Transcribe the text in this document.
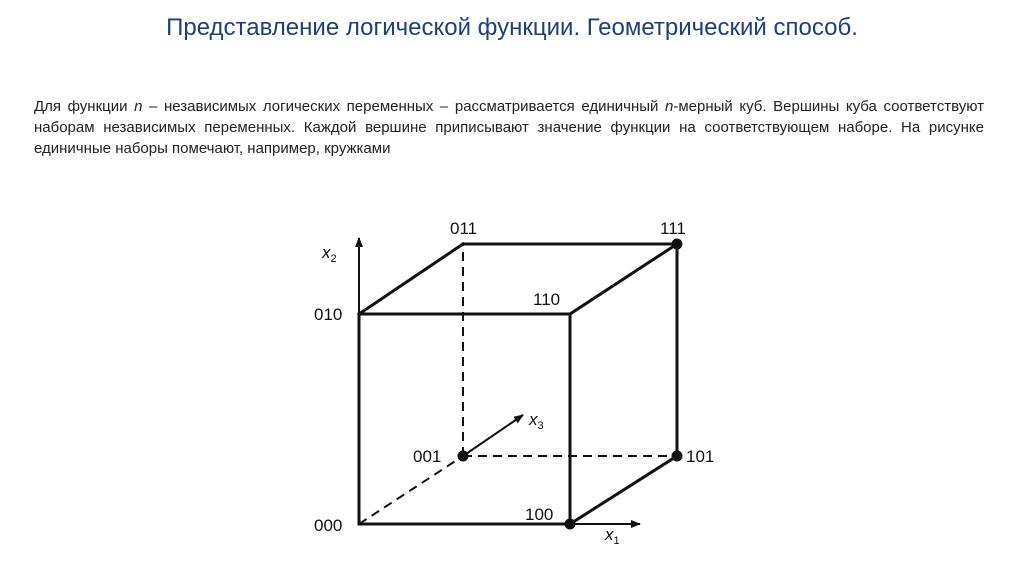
Представление логической функции. Геометрический способ.
Для функции n – независимых логических переменных – рассматривается единичный n-мерный куб. Вершины куба соответствуют наборам независимых переменных. Каждой вершине приписывают значение функции на соответствующем наборе. На рисунке единичные наборы помечают, например, кружками
$x_2$
$x_1$
$x_3$
000
100
010
110
001	101
011	111
